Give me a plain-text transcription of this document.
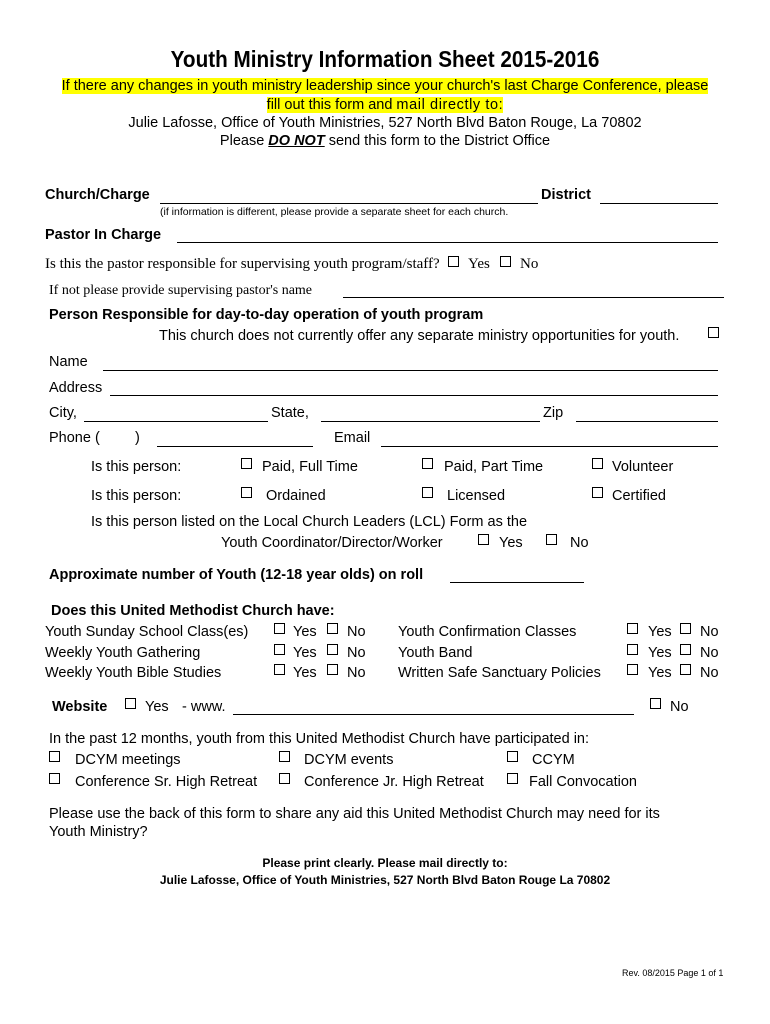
Youth Ministry Information Sheet 2015-2016
If there any changes in youth ministry leadership since your church's last Charge Conference, please
fill out this form and mail directly to:
Julie Lafosse, Office of Youth Ministries, 527 North Blvd Baton Rouge, La 70802
Please DO NOT send this form to the District Office
Church/Charge	District
(if information is different, please provide a separate sheet for each church.
Pastor In Charge
Is this the pastor responsible for supervising youth program/staff? Yes No
If not please provide supervising pastor's name
Person Responsible for day-to-day operation of youth program
This church does not currently offer any separate ministry opportunities for youth.
Name
Address
City,	State,	Zip
Phone ( )	Email
Is this person:	Paid, Full Time	Paid, Part Time	Volunteer
Is this person:	Ordained	Licensed	Certified
Is this person listed on the Local Church Leaders (LCL) Form as the
Youth Coordinator/Director/Worker	Yes	No
Approximate number of Youth (12-18 year olds) on roll
Does this United Methodist Church have:
Youth Sunday School Class(es)	Yes No Youth Confirmation Classes	Yes No
Weekly Youth Gathering	Yes No Youth Band	Yes No
Weekly Youth Bible Studies	Yes No Written Safe Sanctuary Policies	Yes No
Website	Yes - www.	No
In the past 12 months, youth from this United Methodist Church have participated in:
DCYM meetings	DCYM events	CCYM
Conference Sr. High Retreat	Conference Jr. High Retreat	Fall Convocation
Please use the back of this form to share any aid this United Methodist Church may need for its
Youth Ministry?
Please print clearly. Please mail directly to:
Julie Lafosse, Office of Youth Ministries, 527 North Blvd Baton Rouge La 70802
Rev. 08/2015 Page 1 of 1
